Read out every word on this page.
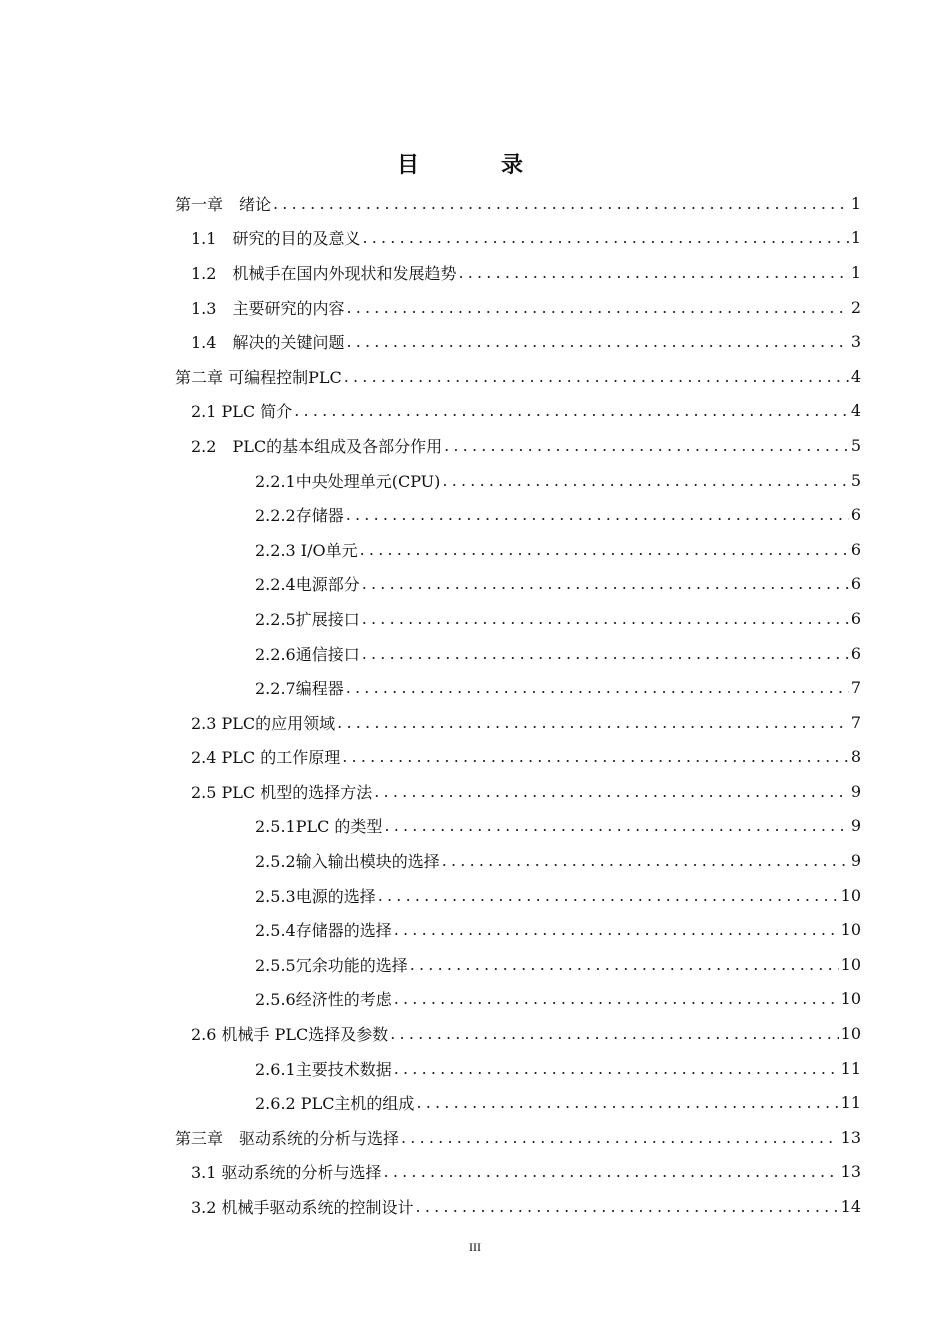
目　录
第一章　绪论 .....	1
1.1　研究的目的及意义 .....	1
1.2　机械手在国内外现状和发展趋势 .....	1
1.3　主要研究的内容 .....	2
1.4　解决的关键问题 .....	3
第二章 可编程控制PLC .....	4
2.1 PLC 简介 .....	4
2.2　PLC的基本组成及各部分作用 .....	5
2.2.1中央处理单元(CPU) .....	5
2.2.2存储器 .....	6
2.2.3 I/O单元 .....	6
2.2.4电源部分 .....	6
2.2.5扩展接口 .....	6
2.2.6通信接口 .....	6
2.2.7编程器 .....	7
2.3 PLC的应用领域 .....	7
2.4 PLC 的工作原理 .....	8
2.5 PLC 机型的选择方法 .....	9
2.5.1PLC 的类型 .....	9
2.5.2输入输出模块的选择 .....	9
2.5.3电源的选择 .....	10
2.5.4存储器的选择 .....	10
2.5.5冗余功能的选择 .....	10
2.5.6经济性的考虑 .....	10
2.6 机械手 PLC选择及参数 .....	10
2.6.1主要技术数据 .....	11
2.6.2 PLC主机的组成 .....	11
第三章　驱动系统的分析与选择 .....	13
3.1 驱动系统的分析与选择 .....	13
3.2 机械手驱动系统的控制设计 .....	14
III
